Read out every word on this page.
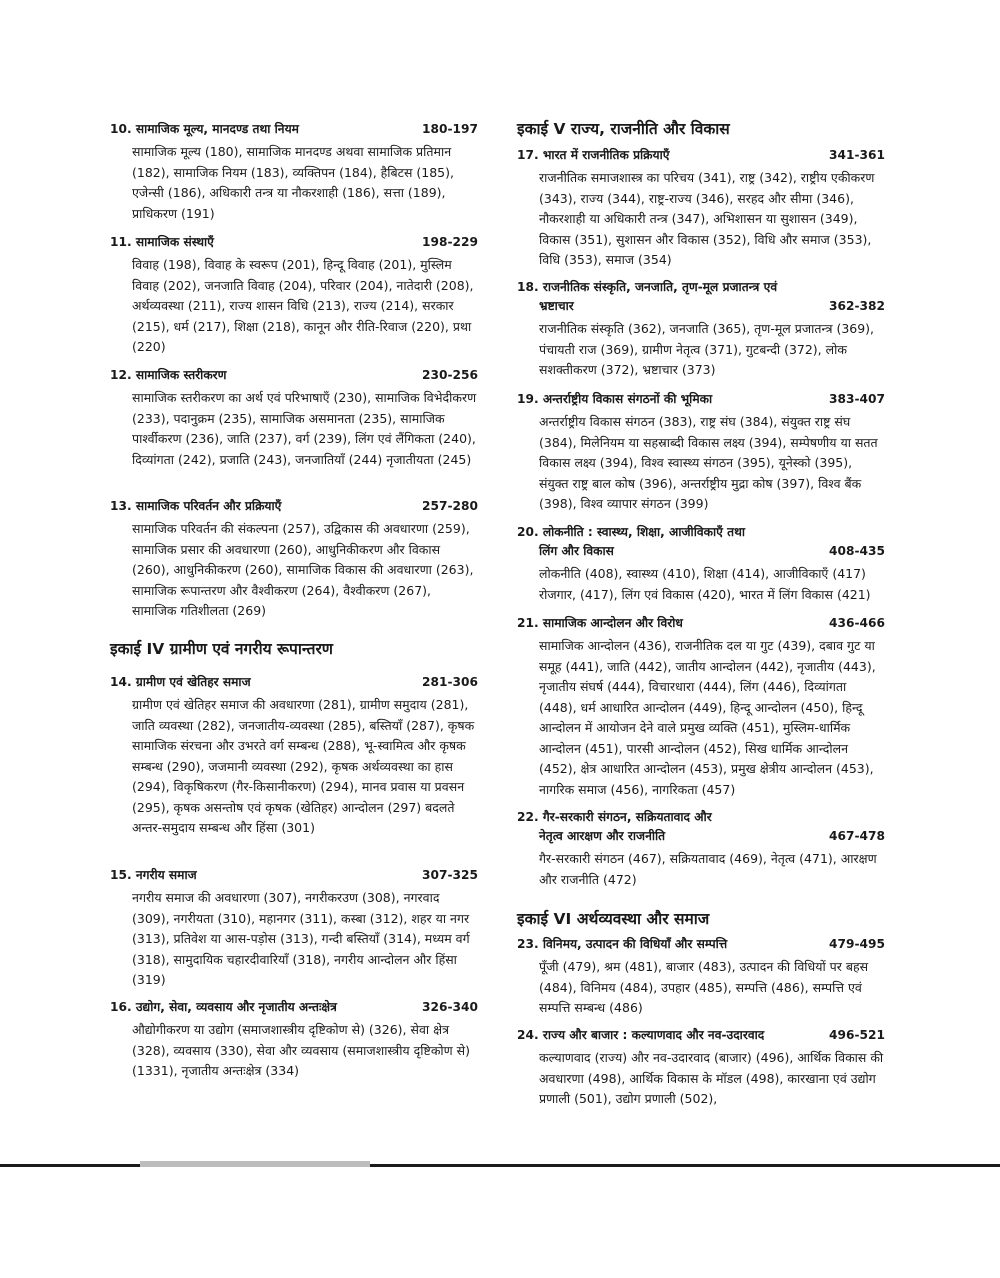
10. सामाजिक मूल्य, मानदण्ड तथा नियम	180-197
सामाजिक मूल्य (180), सामाजिक मानदण्ड अथवा सामाजिक प्रतिमान (182), सामाजिक नियम (183), व्यक्तिपन (184), हैबिटस (185), एजेन्सी (186), अधिकारी तन्त्र या नौकरशाही (186), सत्ता (189), प्राधिकरण (191)
11. सामाजिक संस्थाएँ	198-229
विवाह (198), विवाह के स्वरूप (201), हिन्दू विवाह (201), मुस्लिम विवाह (202), जनजाति विवाह (204), परिवार (204), नातेदारी (208), अर्थव्यवस्था (211), राज्य शासन विधि (213), राज्य (214), सरकार (215), धर्म (217), शिक्षा (218), कानून और रीति-रिवाज (220), प्रथा (220)
12. सामाजिक स्तरीकरण	230-256
सामाजिक स्तरीकरण का अर्थ एवं परिभाषाएँ (230), सामाजिक विभेदीकरण (233), पदानुक्रम (235), सामाजिक असमानता (235), सामाजिक पार्श्वीकरण (236), जाति (237), वर्ग (239), लिंग एवं लैंगिकता (240), दिव्यांगता (242), प्रजाति (243), जनजातियाँ (244) नृजातीयता (245)
13. सामाजिक परिवर्तन और प्रक्रियाएँ	257-280
सामाजिक परिवर्तन की संकल्पना (257), उद्विकास की अवधारणा (259), सामाजिक प्रसार की अवधारणा (260), आधुनिकीकरण और विकास (260), आधुनिकीकरण (260), सामाजिक विकास की अवधारणा (263), सामाजिक रूपान्तरण और वैश्वीकरण (264), वैश्वीकरण (267), सामाजिक गतिशीलता (269)
इकाई IV ग्रामीण एवं नगरीय रूपान्तरण
14. ग्रामीण एवं खेतिहर समाज	281-306
ग्रामीण एवं खेतिहर समाज की अवधारणा (281), ग्रामीण समुदाय (281), जाति व्यवस्था (282), जनजातीय-व्यवस्था (285), बस्तियाँ (287), कृषक सामाजिक संरचना और उभरते वर्ग सम्बन्ध (288), भू-स्वामित्व और कृषक सम्बन्ध (290), जजमानी व्यवस्था (292), कृषक अर्थव्यवस्था का हास (294), विकृषिकरण (गैर-किसानीकरण) (294), मानव प्रवास या प्रवसन (295), कृषक असन्तोष एवं कृषक (खेतिहर) आन्दोलन (297) बदलते अन्तर-समुदाय सम्बन्ध और हिंसा (301)
15. नगरीय समाज	307-325
नगरीय समाज की अवधारणा (307), नगरीकरउण (308), नगरवाद (309), नगरीयता (310), महानगर (311), कस्बा (312), शहर या नगर (313), प्रतिवेश या आस-पड़ोस (313), गन्दी बस्तियाँ (314), मध्यम वर्ग (318), सामुदायिक चहारदीवारियाँ (318), नगरीय आन्दोलन और हिंसा (319)
16. उद्योग, सेवा, व्यवसाय और नृजातीय अन्तःक्षेत्र	326-340
औद्योगीकरण या उद्योग (समाजशास्त्रीय दृष्टिकोण से) (326), सेवा क्षेत्र (328), व्यवसाय (330), सेवा और व्यवसाय (समाजशास्त्रीय दृष्टिकोण से) (1331), नृजातीय अन्तःक्षेत्र (334)
इकाई V राज्य, राजनीति और विकास
17. भारत में राजनीतिक प्रक्रियाएँ	341-361
राजनीतिक समाजशास्त्र का परिचय (341), राष्ट्र (342), राष्ट्रीय एकीकरण (343), राज्य (344), राष्ट्र-राज्य (346), सरहद और सीमा (346), नौकरशाही या अधिकारी तन्त्र (347), अभिशासन या सुशासन (349), विकास (351), सुशासन और विकास (352), विधि और समाज (353), विधि (353), समाज (354)
18. राजनीतिक संस्कृति, जनजाति, तृण-मूल प्रजातन्त्र एवं
भ्रष्टाचार	362-382
राजनीतिक संस्कृति (362), जनजाति (365), तृण-मूल प्रजातन्त्र (369), पंचायती राज (369), ग्रामीण नेतृत्व (371), गुटबन्दी (372), लोक सशक्तीकरण (372), भ्रष्टाचार (373)
19. अन्तर्राष्ट्रीय विकास संगठनों की भूमिका	383-407
अन्तर्राष्ट्रीय विकास संगठन (383), राष्ट्र संघ (384), संयुक्त राष्ट्र संघ (384), मिलेनियम या सहस्राब्दी विकास लक्ष्य (394), सम्पेषणीय या सतत विकास लक्ष्य (394), विश्व स्वास्थ्य संगठन (395), यूनेस्को (395), संयुक्त राष्ट्र बाल कोष (396), अन्तर्राष्ट्रीय मुद्रा कोष (397), विश्व बैंक (398), विश्व व्यापार संगठन (399)
20. लोकनीति : स्वास्थ्य, शिक्षा, आजीविकाएँ तथा
लिंग और विकास	408-435
लोकनीति (408), स्वास्थ्य (410), शिक्षा (414), आजीविकाएँ (417) रोजगार, (417), लिंग एवं विकास (420), भारत में लिंग विकास (421)
21. सामाजिक आन्दोलन और विरोध	436-466
सामाजिक आन्दोलन (436), राजनीतिक दल या गुट (439), दबाव गुट या समूह (441), जाति (442), जातीय आन्दोलन (442), नृजातीय (443), नृजातीय संघर्ष (444), विचारधारा (444), लिंग (446), दिव्यांगता (448), धर्म आधारित आन्दोलन (449), हिन्दू आन्दोलन (450), हिन्दू आन्दोलन में आयोजन देने वाले प्रमुख व्यक्ति (451), मुस्लिम-धार्मिक आन्दोलन (451), पारसी आन्दोलन (452), सिख धार्मिक आन्दोलन (452), क्षेत्र आधारित आन्दोलन (453), प्रमुख क्षेत्रीय आन्दोलन (453), नागरिक समाज (456), नागरिकता (457)
22. गैर-सरकारी संगठन, सक्रियतावाद और
नेतृत्व आरक्षण और राजनीति	467-478
गैर-सरकारी संगठन (467), सक्रियतावाद (469), नेतृत्व (471), आरक्षण और राजनीति (472)
इकाई VI अर्थव्यवस्था और समाज
23. विनिमय, उत्पादन की विधियाँ और सम्पत्ति	479-495
पूँजी (479), श्रम (481), बाजार (483), उत्पादन की विधियों पर बहस (484), विनिमय (484), उपहार (485), सम्पत्ति (486), सम्पत्ति एवं सम्पत्ति सम्बन्ध (486)
24. राज्य और बाजार : कल्याणवाद और नव-उदारवाद	496-521
कल्याणवाद (राज्य) और नव-उदारवाद (बाजार) (496), आर्थिक विकास की अवधारणा (498), आर्थिक विकास के मॉडल (498), कारखाना एवं उद्योग प्रणाली (501), उद्योग प्रणाली (502),
